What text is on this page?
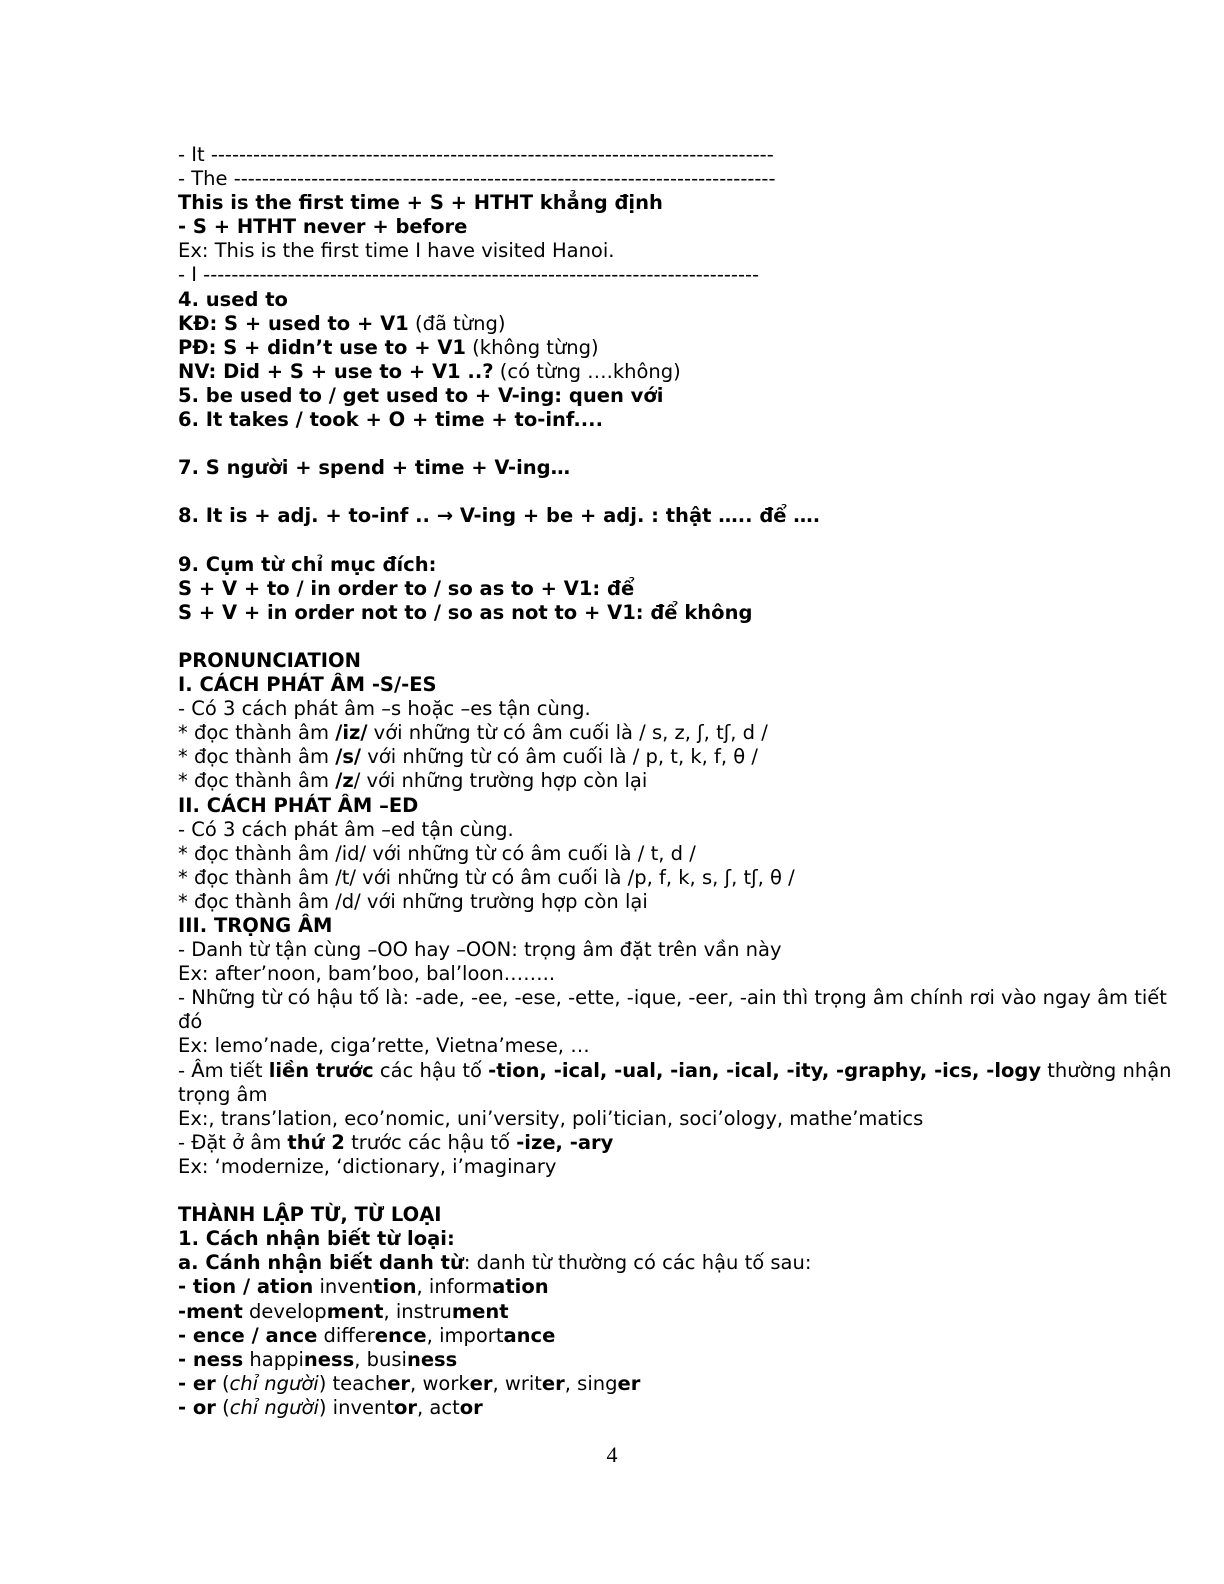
- It --------------------------------------------------------------------------------
- The -----------------------------------------------------------------------------
This is the first time + S + HTHT khẳng định
- S + HTHT never + before
Ex: This is the first time I have visited Hanoi.
- I -------------------------------------------------------------------------------
4. used to
KĐ: S + used to + V1 (đã từng)
PĐ: S + didn’t use to + V1 (không từng)
NV: Did + S + use to + V1 ..? (có từng ….không)
5. be used to / get used to + V-ing: quen với
6. It takes / took + O + time + to-inf....
7. S người + spend + time + V-ing…
8. It is + adj. + to-inf .. → V-ing + be + adj. : thật ….. để ….
9. Cụm từ chỉ mục đích:
S + V + to / in order to / so as to + V1: để
S + V + in order not to / so as not to + V1: để không
PRONUNCIATION
I. CÁCH PHÁT ÂM -S/-ES
- Có 3 cách phát âm –s hoặc –es tận cùng.
* đọc thành âm /iz/ với những từ có âm cuối là / s, z, ʃ, tʃ, d /
* đọc thành âm /s/ với những từ có âm cuối là / p, t, k, f, θ /
* đọc thành âm /z/ với những trường hợp còn lại
II. CÁCH PHÁT ÂM –ED
- Có 3 cách phát âm –ed tận cùng.
* đọc thành âm /id/ với những từ có âm cuối là / t, d /
* đọc thành âm /t/ với những từ có âm cuối là /p, f, k, s, ʃ, tʃ, θ /
* đọc thành âm /d/ với những trường hợp còn lại
III. TRỌNG ÂM
- Danh từ tận cùng –OO hay –OON: trọng âm đặt trên vần này
Ex: after’noon, bam’boo, bal’loon……..
- Những từ có hậu tố là: -ade, -ee, -ese, -ette, -ique, -eer, -ain thì trọng âm chính rơi vào ngay âm tiết đó
Ex: lemo’nade, ciga’rette, Vietna’mese, …
- Âm tiết liền trước các hậu tố -tion, -ical, -ual, -ian, -ical, -ity, -graphy, -ics, -logy thường nhận trọng âm
Ex:, trans’lation, eco’nomic, uni’versity, poli’tician, soci’ology, mathe’matics
- Đặt ở âm thứ 2 trước các hậu tố -ize, -ary
Ex: ‘modernize, ‘dictionary, i’maginary
THÀNH LẬP TỪ, TỪ LOẠI
1. Cách nhận biết từ loại:
a. Cánh nhận biết danh từ: danh từ thường có các hậu tố sau:
- tion / ation invention, information
-ment development, instrument
- ence / ance difference, importance
- ness happiness, business
- er (chỉ người) teacher, worker, writer, singer
- or (chỉ người) inventor, actor
4
